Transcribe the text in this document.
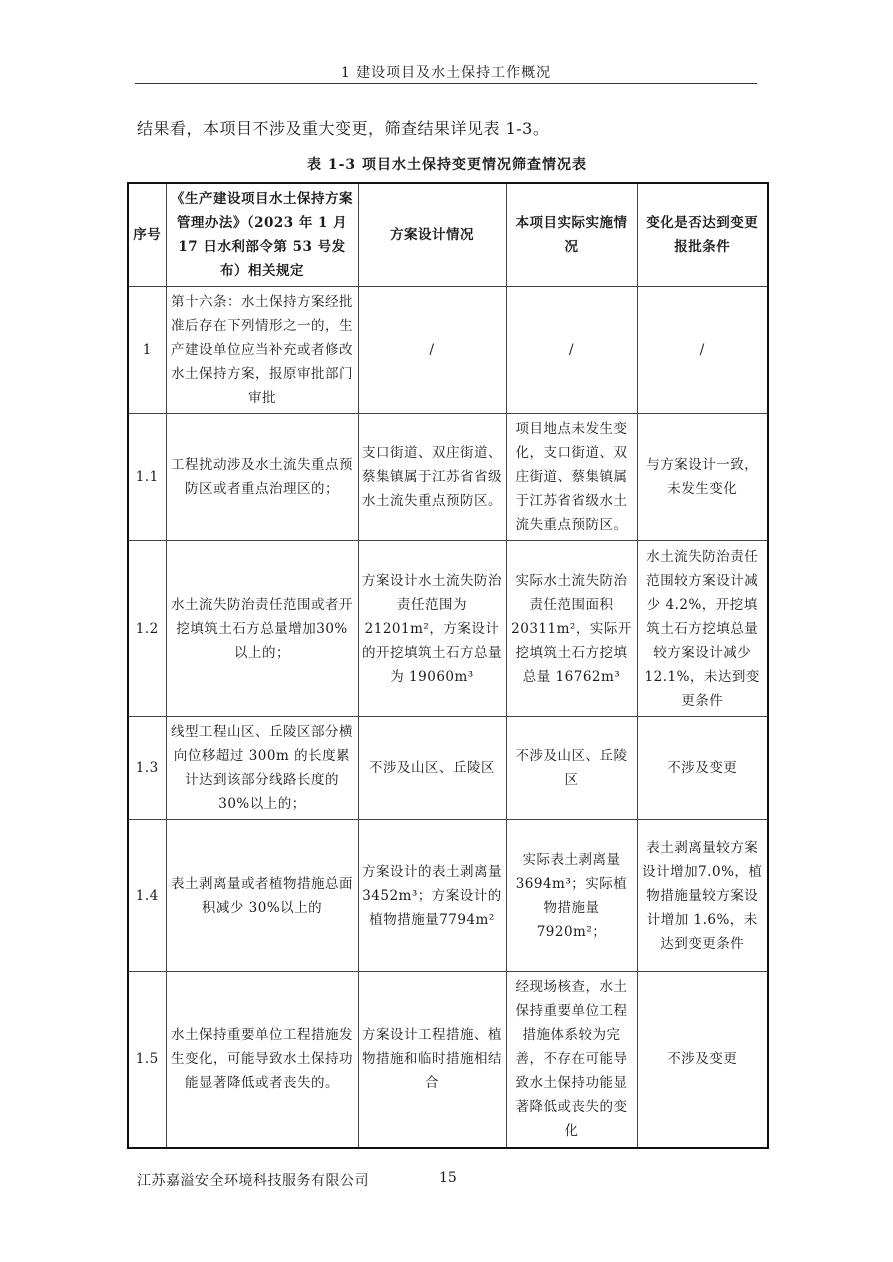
1 建设项目及水土保持工作概况
结果看，本项目不涉及重大变更，筛查结果详见表 1-3。
表 1-3 项目水土保持变更情况筛查情况表
序号	《生产建设项目水土保持方案管理办法》（2023 年 1 月 17 日水利部令第 53 号发布）相关规定	方案设计情况	本项目实际实施情况	变化是否达到变更报批条件
1	第十六条：水土保持方案经批准后存在下列情形之一的，生产建设单位应当补充或者修改水土保持方案，报原审批部门审批	/	/	/
1.1	工程扰动涉及水土流失重点预防区或者重点治理区的；	支口街道、双庄街道、蔡集镇属于江苏省省级水土流失重点预防区。	项目地点未发生变化，支口街道、双庄街道、蔡集镇属于江苏省省级水土流失重点预防区。	与方案设计一致，未发生变化
1.2	水土流失防治责任范围或者开挖填筑土石方总量增加30%以上的；	方案设计水土流失防治责任范围为21201m²，方案设计的开挖填筑土石方总量为 19060m³	实际水土流失防治责任范围面积20311m²，实际开挖填筑土石方挖填总量 16762m³	水土流失防治责任范围较方案设计减少 4.2%，开挖填筑土石方挖填总量较方案设计减少 12.1%，未达到变更条件
1.3	线型工程山区、丘陵区部分横向位移超过 300m 的长度累计达到该部分线路长度的30%以上的；	不涉及山区、丘陵区	不涉及山区、丘陵区	不涉及变更
1.4	表土剥离量或者植物措施总面积减少 30%以上的	方案设计的表土剥离量 3452m³；方案设计的植物措施量7794m²	实际表土剥离量3694m³；实际植物措施量7920m²；	表土剥离量较方案设计增加7.0%，植物措施量较方案设计增加 1.6%，未达到变更条件
1.5	水土保持重要单位工程措施发生变化，可能导致水土保持功能显著降低或者丧失的。	方案设计工程措施、植物措施和临时措施相结合	经现场核查，水土保持重要单位工程措施体系较为完善，不存在可能导致水土保持功能显著降低或丧失的变化	不涉及变更
江苏嘉溢安全环境科技服务有限公司	15
